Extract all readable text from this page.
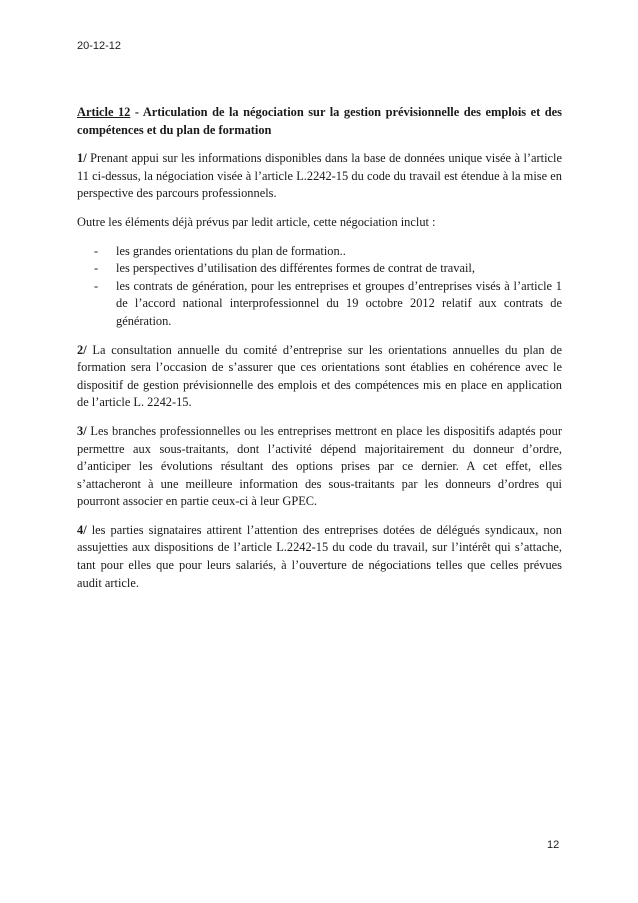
20-12-12
Article 12 - Articulation de la négociation sur la gestion prévisionnelle des emplois et des compétences et du plan de formation

1/ Prenant appui sur les informations disponibles dans la base de données unique visée à l’article 11 ci-dessus, la négociation visée à l’article L.2242-15 du code du travail est étendue à la mise en perspective des parcours professionnels.

Outre les éléments déjà prévus par ledit article, cette négociation inclut :

- les grandes orientations du plan de formation..
- les perspectives d’utilisation des différentes formes de contrat de travail,
- les contrats de génération, pour les entreprises et groupes d’entreprises visés à l’article 1 de l’accord national interprofessionnel du 19 octobre 2012 relatif aux contrats de génération.

2/ La consultation annuelle du comité d’entreprise sur les orientations annuelles du plan de formation sera l’occasion de s’assurer que ces orientations sont établies en cohérence avec le dispositif de gestion prévisionnelle des emplois et des compétences mis en place en application de l’article L. 2242-15.

3/ Les branches professionnelles ou les entreprises mettront en place les dispositifs adaptés pour permettre aux sous-traitants, dont l’activité dépend majoritairement du donneur d’ordre, d’anticiper les évolutions résultant des options prises par ce dernier. A cet effet, elles s’attacheront à une meilleure information des sous-traitants par les donneurs d’ordres qui pourront associer en partie ceux-ci à leur GPEC.

4/ les parties signataires attirent l’attention des entreprises dotées de délégués syndicaux, non assujetties aux dispositions de l’article L.2242-15 du code du travail, sur l’intérêt qui s’attache, tant pour elles que pour leurs salariés, à l’ouverture de négociations telles que celles prévues audit article.

12
